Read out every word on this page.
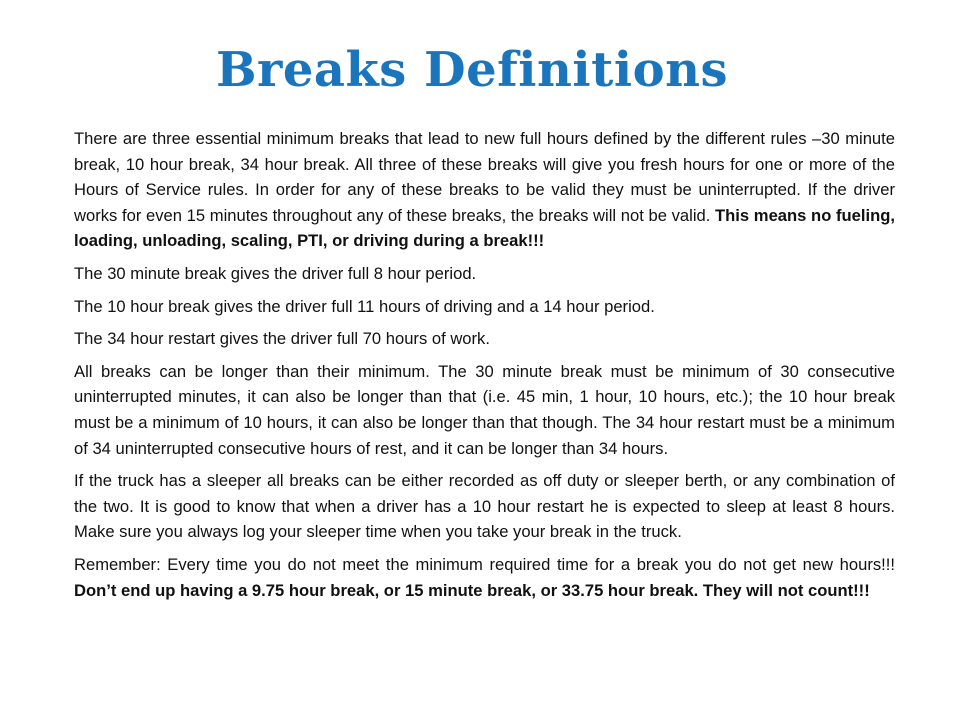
Breaks Definitions

There are three essential minimum breaks that lead to new full hours defined by the different rules –30 minute break, 10 hour break, 34 hour break. All three of these breaks will give you fresh hours for one or more of the Hours of Service rules. In order for any of these breaks to be valid they must be uninterrupted. If the driver works for even 15 minutes throughout any of these breaks, the breaks will not be valid. This means no fueling, loading, unloading, scaling, PTI, or driving during a break!!!

The 30 minute break gives the driver full 8 hour period.

The 10 hour break gives the driver full 11 hours of driving and a 14 hour period.

The 34 hour restart gives the driver full 70 hours of work.

All breaks can be longer than their minimum. The 30 minute break must be minimum of 30 consecutive uninterrupted minutes, it can also be longer than that (i.e. 45 min, 1 hour, 10 hours, etc.); the 10 hour break must be a minimum of 10 hours, it can also be longer than that though. The 34 hour restart must be a minimum of 34 uninterrupted consecutive hours of rest, and it can be longer than 34 hours.

If the truck has a sleeper all breaks can be either recorded as off duty or sleeper berth, or any combination of the two. It is good to know that when a driver has a 10 hour restart he is expected to sleep at least 8 hours. Make sure you always log your sleeper time when you take your break in the truck.

Remember: Every time you do not meet the minimum required time for a break you do not get new hours!!! Don’t end up having a 9.75 hour break, or 15 minute break, or 33.75 hour break. They will not count!!!
